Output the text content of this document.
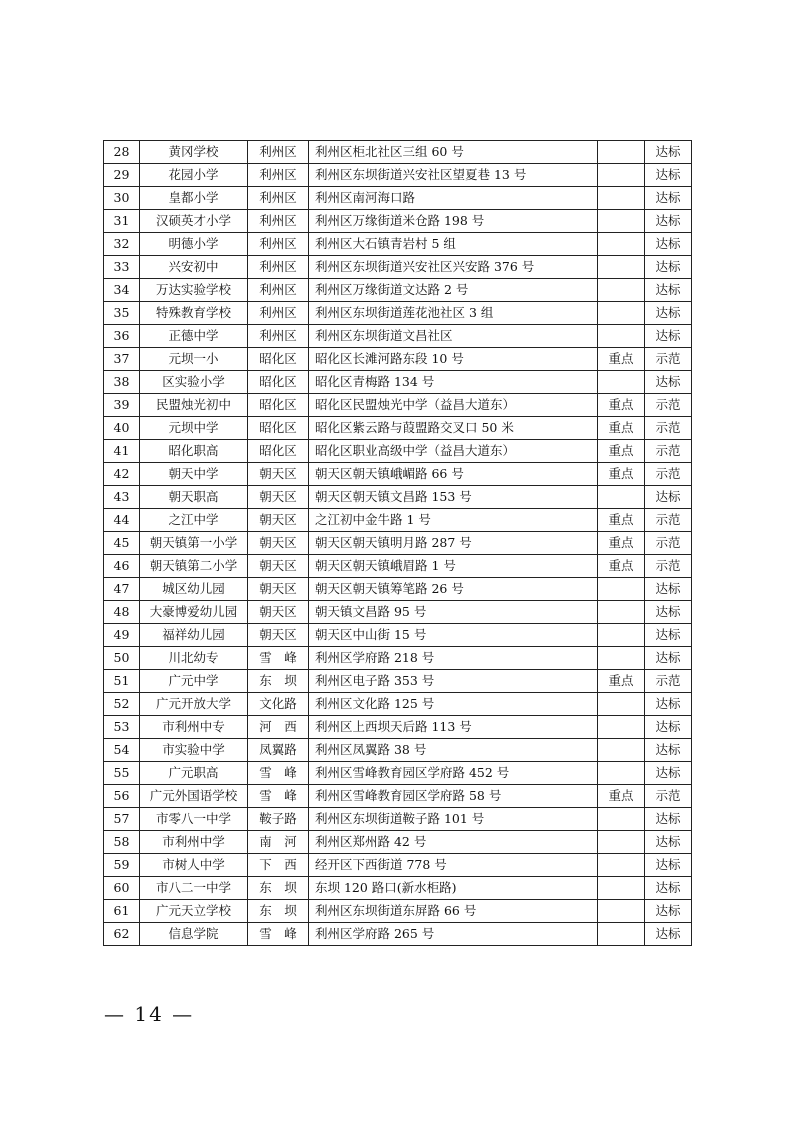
28	黄冈学校	利州区	利州区柜北社区三组 60 号		达标
29	花园小学	利州区	利州区东坝街道兴安社区望夏巷 13 号		达标
30	皇都小学	利州区	利州区南河海口路		达标
31	汉硕英才小学	利州区	利州区万缘街道米仓路 198 号		达标
32	明德小学	利州区	利州区大石镇青岩村 5 组		达标
33	兴安初中	利州区	利州区东坝街道兴安社区兴安路 376 号		达标
34	万达实验学校	利州区	利州区万缘街道文达路 2 号		达标
35	特殊教育学校	利州区	利州区东坝街道莲花池社区 3 组		达标
36	正德中学	利州区	利州区东坝街道文昌社区		达标
37	元坝一小	昭化区	昭化区长滩河路东段 10 号	重点	示范
38	区实验小学	昭化区	昭化区青梅路 134 号		达标
39	民盟烛光初中	昭化区	昭化区民盟烛光中学（益昌大道东）	重点	示范
40	元坝中学	昭化区	昭化区紫云路与葭盟路交叉口 50 米	重点	示范
41	昭化职高	昭化区	昭化区职业高级中学（益昌大道东）	重点	示范
42	朝天中学	朝天区	朝天区朝天镇峨嵋路 66 号	重点	示范
43	朝天职高	朝天区	朝天区朝天镇文昌路 153 号		达标
44	之江中学	朝天区	之江初中金牛路 1 号	重点	示范
45	朝天镇第一小学	朝天区	朝天区朝天镇明月路 287 号	重点	示范
46	朝天镇第二小学	朝天区	朝天区朝天镇峨眉路 1 号	重点	示范
47	城区幼儿园	朝天区	朝天区朝天镇筹笔路 26 号		达标
48	大豪博爱幼儿园	朝天区	朝天镇文昌路 95 号		达标
49	福祥幼儿园	朝天区	朝天区中山街 15 号		达标
50	川北幼专	雪　峰	利州区学府路 218 号		达标
51	广元中学	东　坝	利州区电子路 353 号	重点	示范
52	广元开放大学	文化路	利州区文化路 125 号		达标
53	市利州中专	河　西	利州区上西坝天后路 113 号		达标
54	市实验中学	凤翼路	利州区凤翼路 38 号		达标
55	广元职高	雪　峰	利州区雪峰教育园区学府路 452 号		达标
56	广元外国语学校	雪　峰	利州区雪峰教育园区学府路 58 号	重点	示范
57	市零八一中学	鞍子路	利州区东坝街道鞍子路 101 号		达标
58	市利州中学	南　河	利州区郑州路 42 号		达标
59	市树人中学	下　西	经开区下西街道 778 号		达标
60	市八二一中学	东　坝	东坝 120 路口(新水柜路)		达标
61	广元天立学校	东　坝	利州区东坝街道东屏路 66 号		达标
62	信息学院	雪　峰	利州区学府路 265 号		达标
— 14 —
